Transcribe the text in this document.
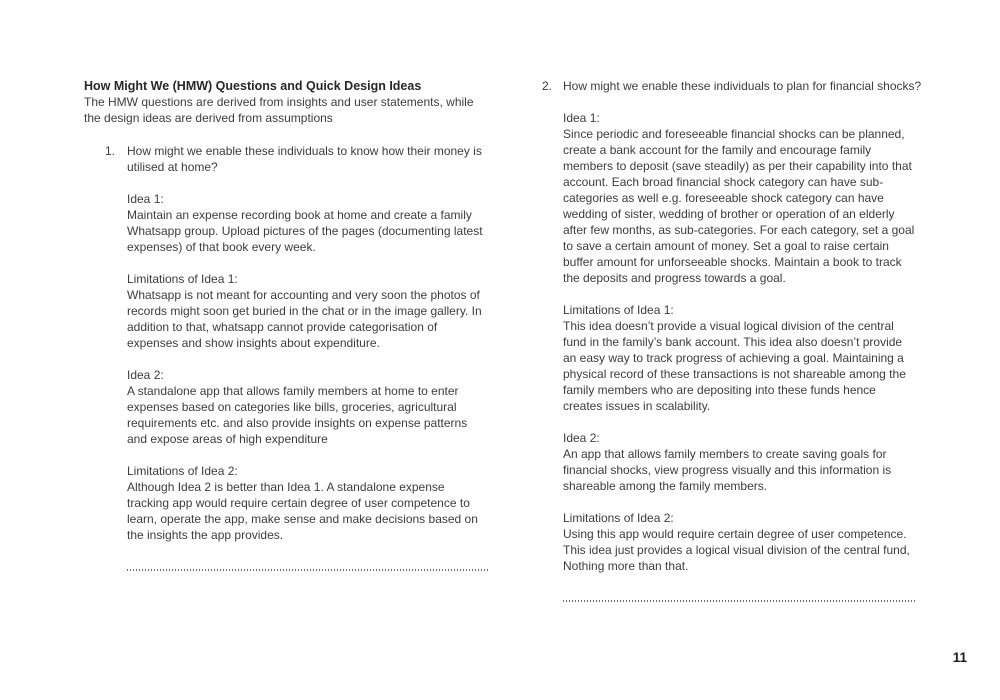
How Might We (HMW) Questions and Quick Design Ideas

The HMW questions are derived from insights and user statements, while the design ideas are derived from assumptions

1. How might we enable these individuals to know how their money is utilised at home?
Idea 1:

Maintain an expense recording book at home and create a family Whatsapp group. Upload pictures of the pages (documenting latest expenses) of that book every week.

Limitations of Idea 1:

Whatsapp is not meant for accounting and very soon the photos of records might soon get buried in the chat or in the image gallery. In addition to that, whatsapp cannot provide categorisation of expenses and show insights about expenditure.

Idea 2:

A standalone app that allows family members at home to enter expenses based on categories like bills, groceries, agricultural requirements etc. and also provide insights on expense patterns and expose areas of high expenditure

Limitations of Idea 2:

Although Idea 2 is better than Idea 1. A standalone expense tracking app would require certain degree of user competence to learn, operate the app, make sense and make decisions based on the insights the app provides.

2. How might we enable these individuals to plan for financial shocks?
Idea 1:

Since periodic and foreseeable financial shocks can be planned, create a bank account for the family and encourage family members to deposit (save steadily) as per their capability into that account. Each broad financial shock category can have sub-categories as well e.g. foreseeable shock category can have wedding of sister, wedding of brother or operation of an elderly after few months, as sub-categories. For each category, set a goal to save a certain amount of money. Set a goal to raise certain buffer amount for unforseeable shocks. Maintain a book to track the deposits and progress towards a goal.

Limitations of Idea 1:

This idea doesn’t provide a visual logical division of the central fund in the family’s bank account. This idea also doesn’t provide an easy way to track progress of achieving a goal. Maintaining a physical record of these transactions is not shareable among the family members who are depositing into these funds hence creates issues in scalability.

Idea 2:

An app that allows family members to create saving goals for financial shocks, view progress visually and this information is shareable among the family members.

Limitations of Idea 2:

Using this app would require certain degree of user competence. This idea just provides a logical visual division of the central fund, Nothing more than that.

11
